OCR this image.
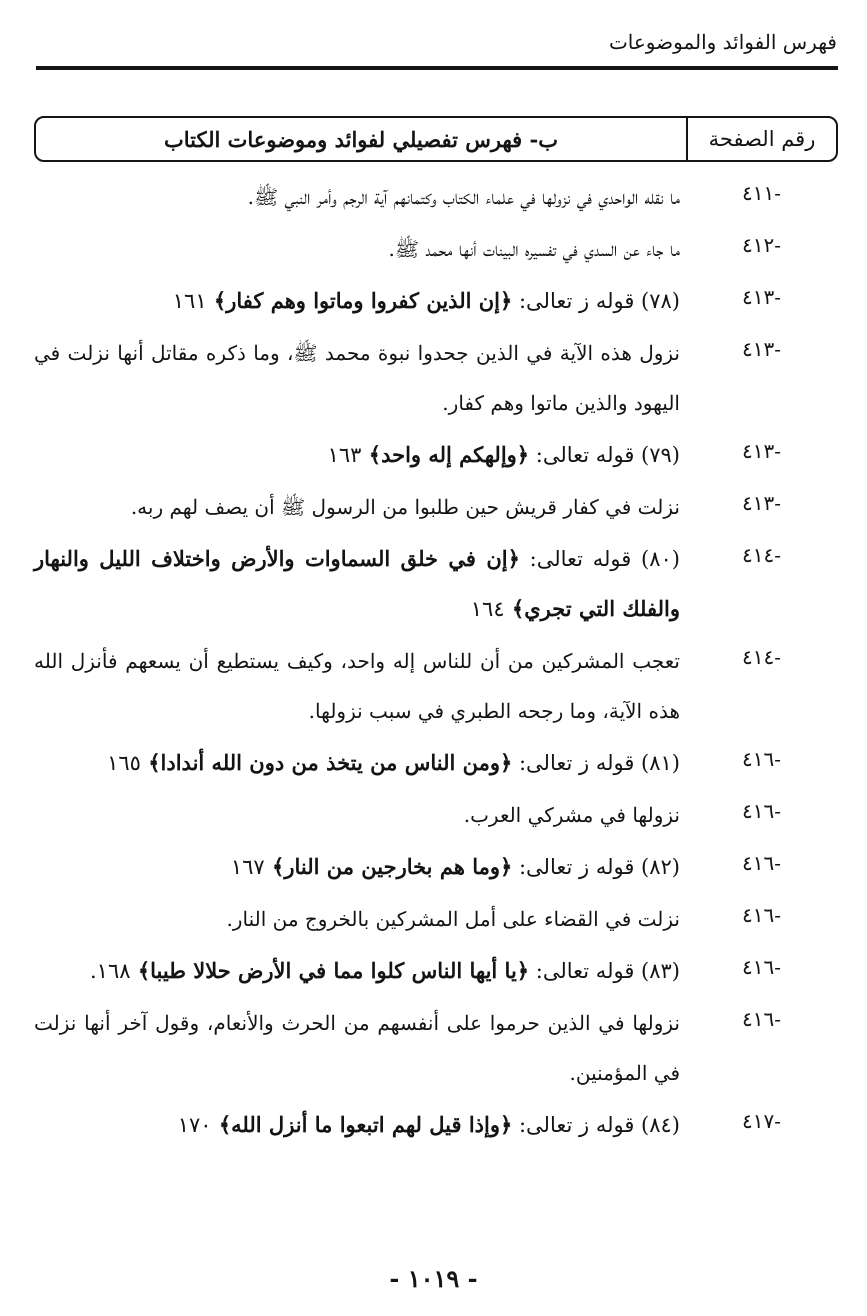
فهرس الفوائد والموضوعات
رقم الصفحة
ب- فهرس تفصيلي لفوائد وموضوعات الكتاب
٤١١-
ما نقله الواحدي في نزولها في علماء الكتاب وكتمانهم آية الرجم وأمر النبي ﷺ.
٤١٢-
ما جاء عن السدي في تفسيره البينات أنها محمد ﷺ.
٤١٣-
(٧٨) قوله ز تعالى: ﴿إن الذين كفروا وماتوا وهم كفار﴾ ١٦١
٤١٣-
نزول هذه الآية في الذين جحدوا نبوة محمد ﷺ، وما ذكره مقاتل أنها نزلت في اليهود والذين ماتوا وهم كفار.
٤١٣-
(٧٩) قوله تعالى: ﴿وإلهكم إله واحد﴾ ١٦٣
٤١٣-
نزلت في كفار قريش حين طلبوا من الرسول ﷺ أن يصف لهم ربه.
٤١٤-
(٨٠) قوله تعالى: ﴿إن في خلق السماوات والأرض واختلاف الليل والنهار والفلك التي تجري﴾ ١٦٤
٤١٤-
تعجب المشركين من أن للناس إله واحد، وكيف يستطيع أن يسعهم فأنزل الله هذه الآية، وما رجحه الطبري في سبب نزولها.
٤١٦-
(٨١) قوله ز تعالى: ﴿ومن الناس من يتخذ من دون الله أندادا﴾ ١٦٥
٤١٦-
نزولها في مشركي العرب.
٤١٦-
(٨٢) قوله ز تعالى: ﴿وما هم بخارجين من النار﴾ ١٦٧
٤١٦-
نزلت في القضاء على أمل المشركين بالخروج من النار.
٤١٦-
(٨٣) قوله تعالى: ﴿يا أيها الناس كلوا مما في الأرض حلالا طيبا﴾ ١٦٨.
٤١٦-
نزولها في الذين حرموا على أنفسهم من الحرث والأنعام، وقول آخر أنها نزلت في المؤمنين.
٤١٧-
(٨٤) قوله ز تعالى: ﴿وإذا قيل لهم اتبعوا ما أنزل الله﴾ ١٧٠
- ١٠١٩ -
